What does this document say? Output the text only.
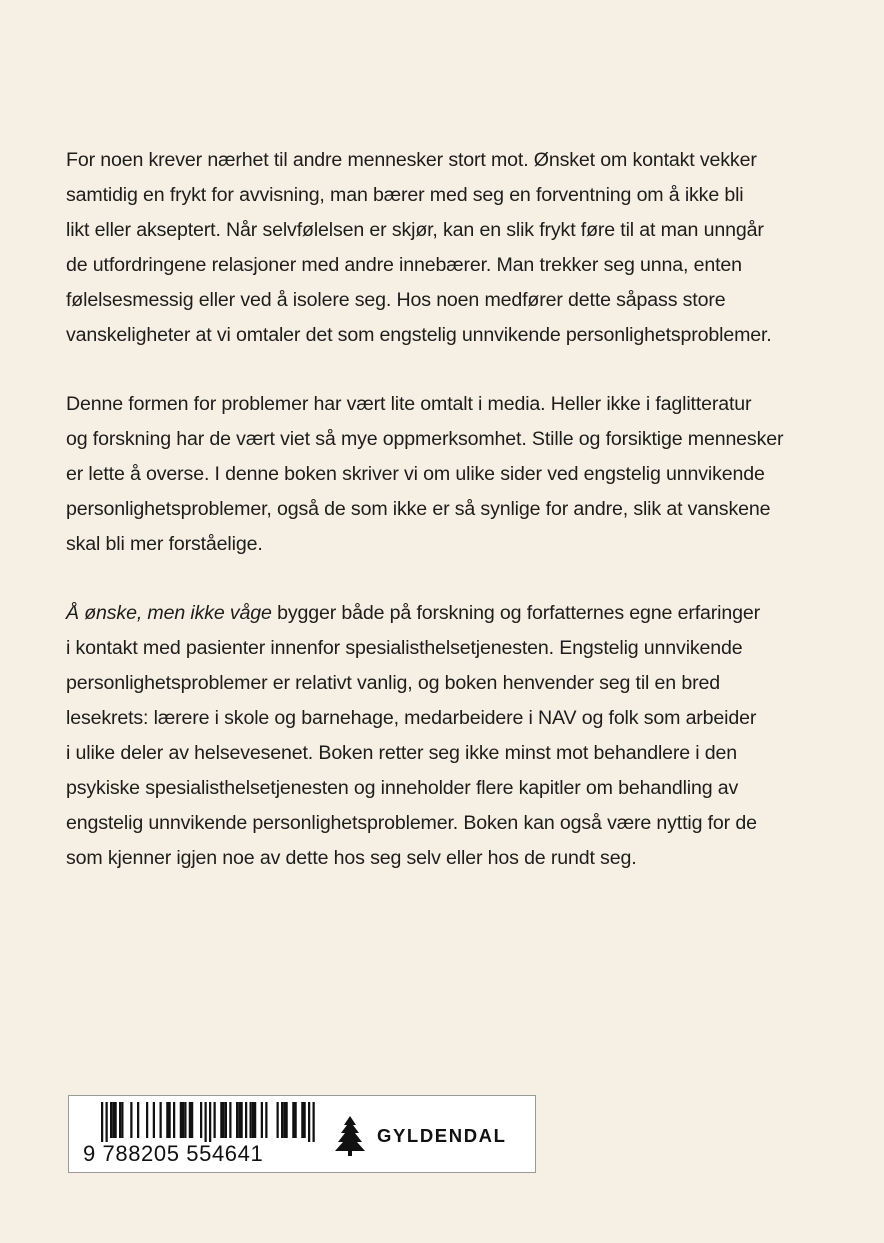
For noen krever nærhet til andre mennesker stort mot. Ønsket om kontakt vekker
samtidig en frykt for avvisning, man bærer med seg en forventning om å ikke bli
likt eller akseptert. Når selvfølelsen er skjør, kan en slik frykt føre til at man unngår
de utfordringene relasjoner med andre innebærer. Man trekker seg unna, enten
følelsesmessig eller ved å isolere seg. Hos noen medfører dette såpass store
vanskeligheter at vi omtaler det som engstelig unnvikende personlighetsproblemer.

Denne formen for problemer har vært lite omtalt i media. Heller ikke i faglitteratur
og forskning har de vært viet så mye oppmerksomhet. Stille og forsiktige mennesker
er lette å overse. I denne boken skriver vi om ulike sider ved engstelig unnvikende
personlighetsproblemer, også de som ikke er så synlige for andre, slik at vanskene
skal bli mer forståelige.

Å ønske, men ikke våge bygger både på forskning og forfatternes egne erfaringer
i kontakt med pasienter innenfor spesialisthelsetjenesten. Engstelig unnvikende
personlighetsproblemer er relativt vanlig, og boken henvender seg til en bred
lesekrets: lærere i skole og barnehage, medarbeidere i NAV og folk som arbeider
i ulike deler av helsevesenet. Boken retter seg ikke minst mot behandlere i den
psykiske spesialisthelsetjenesten og inneholder flere kapitler om behandling av
engstelig unnvikende personlighetsproblemer. Boken kan også være nyttig for de
som kjenner igjen noe av dette hos seg selv eller hos de rundt seg.

9 788205 554641
GYLDENDAL
